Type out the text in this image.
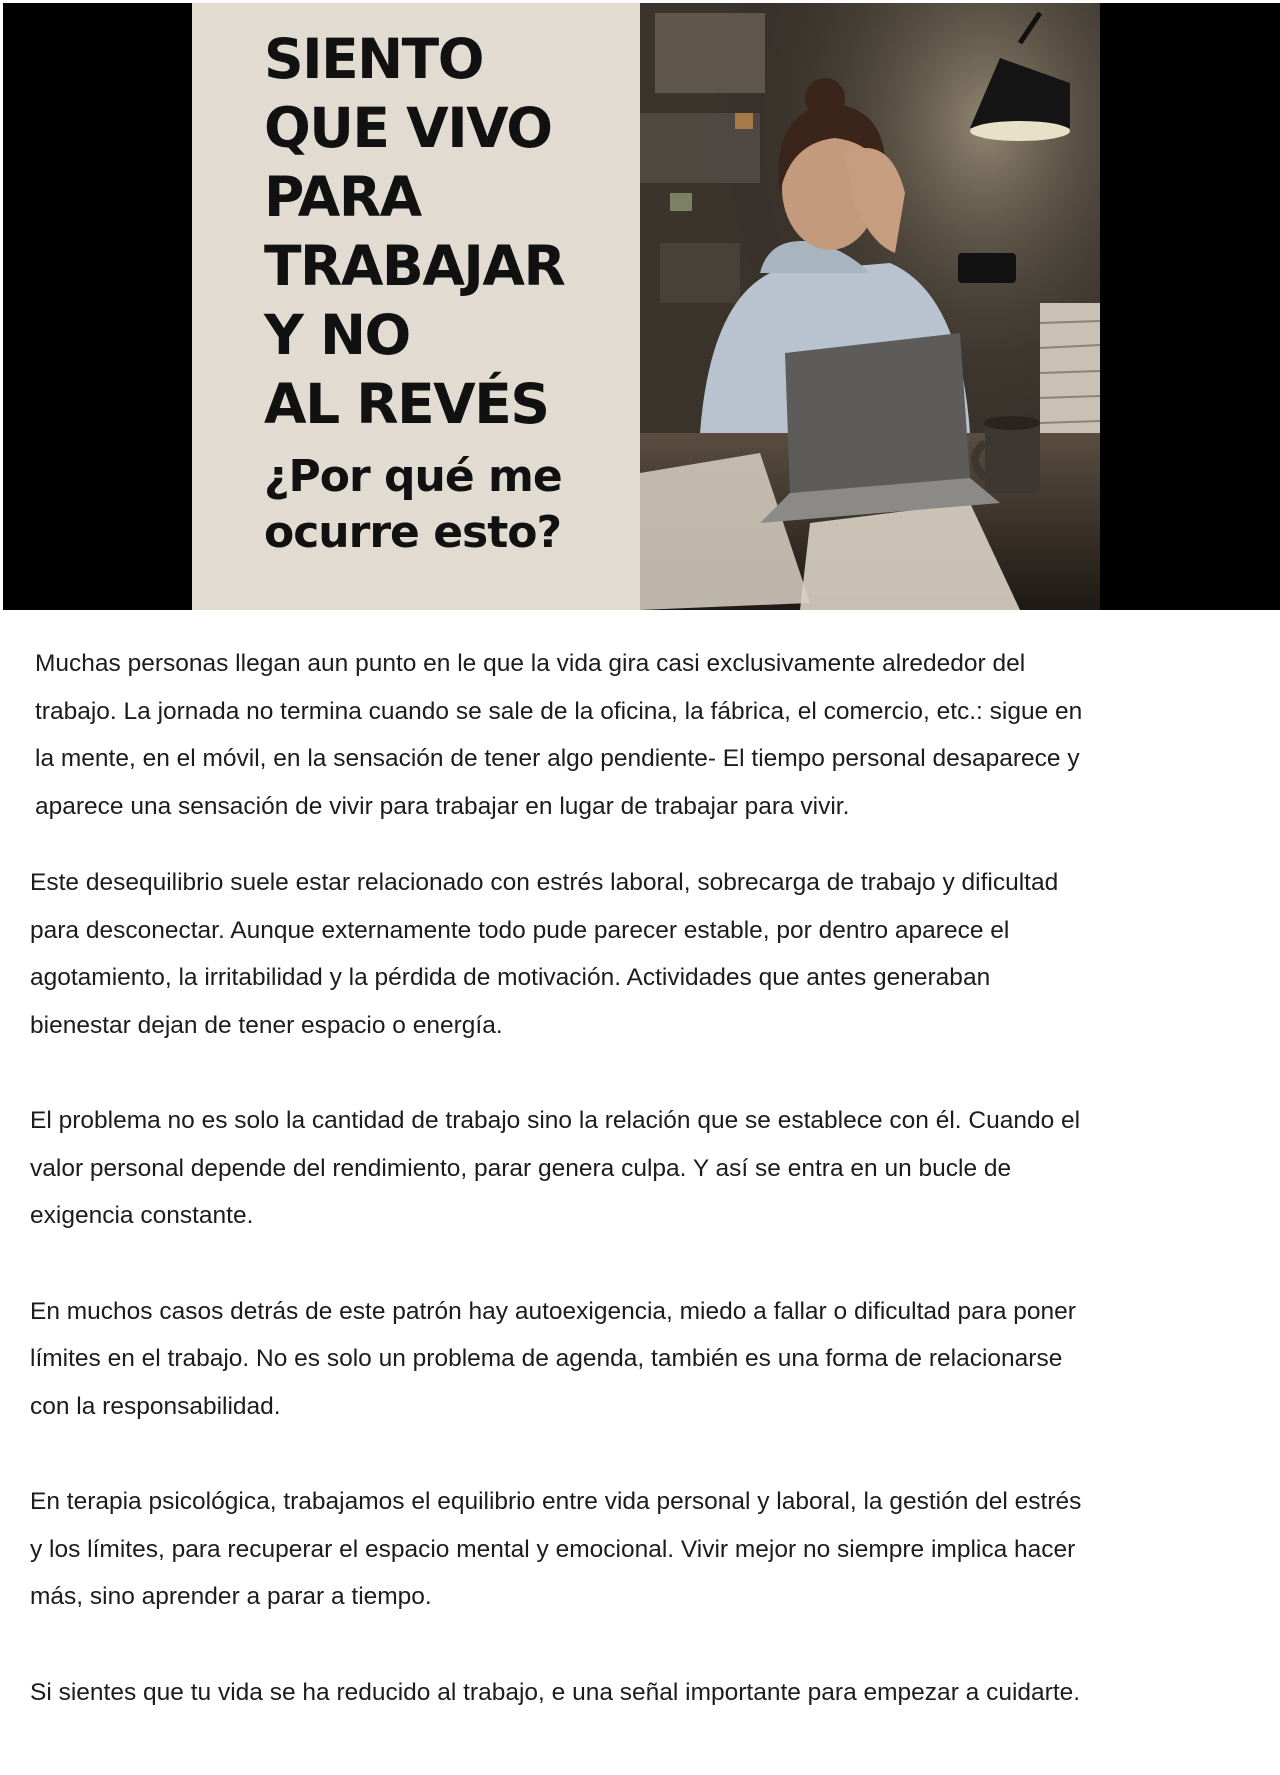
SIENTO
QUE VIVO
PARA
TRABAJAR
Y NO
AL REVÉS
¿Por qué me
ocurre esto?

Muchas personas llegan aun punto en le que la vida gira casi exclusivamente alrededor del
trabajo. La jornada no termina cuando se sale de la oficina, la fábrica, el comercio, etc.: sigue en
la mente, en el móvil, en la sensación de tener algo pendiente- El tiempo personal desaparece y
aparece una sensación de vivir para trabajar en lugar de trabajar para vivir.

Este desequilibrio suele estar relacionado con estrés laboral, sobrecarga de trabajo y dificultad
para desconectar. Aunque externamente todo pude parecer estable, por dentro aparece el
agotamiento, la irritabilidad y la pérdida de motivación. Actividades que antes generaban
bienestar dejan de tener espacio o energía.

El problema no es solo la cantidad de trabajo sino la relación que se establece con él. Cuando el
valor personal depende del rendimiento, parar genera culpa. Y así se entra en un bucle de
exigencia constante.

En muchos casos detrás de este patrón hay autoexigencia, miedo a fallar o dificultad para poner
límites en el trabajo. No es solo un problema de agenda, también es una forma de relacionarse
con la responsabilidad.

En terapia psicológica, trabajamos el equilibrio entre vida personal y laboral, la gestión del estrés
y los límites, para recuperar el espacio mental y emocional. Vivir mejor no siempre implica hacer
más, sino aprender a parar a tiempo.

Si sientes que tu vida se ha reducido al trabajo, e una señal importante para empezar a cuidarte.
